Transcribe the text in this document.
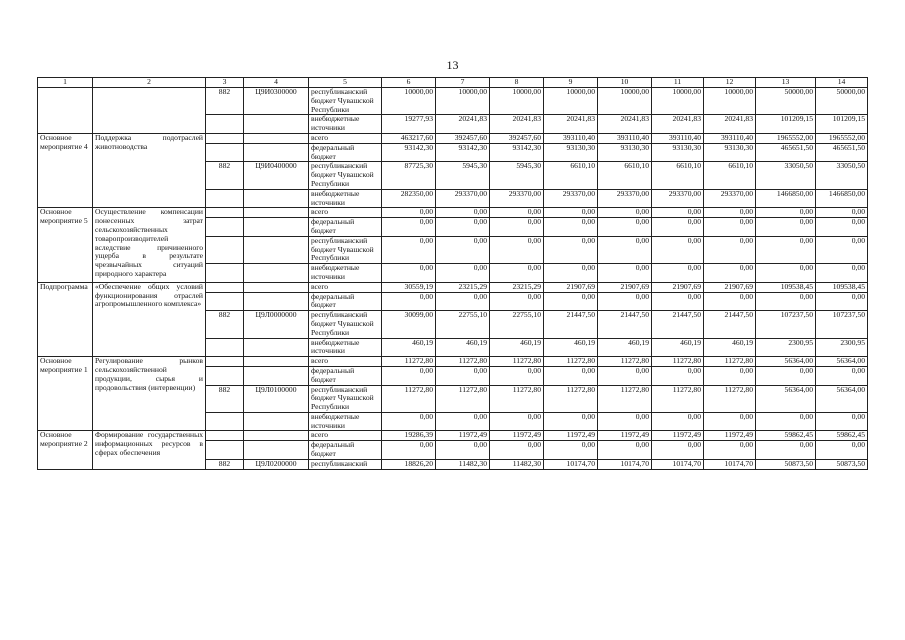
13
1	2	3	4	5	6	7	8	9	10	11	12	13	14
		882	Ц9И0300000	республиканский бюджет Чувашской Республики	10000,00	10000,00	10000,00	10000,00	10000,00	10000,00	10000,00	50000,00	50000,00
				внебюджетные источники	19277,93	20241,83	20241,83	20241,83	20241,83	20241,83	20241,83	101209,15	101209,15
Основное мероприятие 4	Поддержка подотраслей животноводства			всего	463217,60	392457,60	392457,60	393110,40	393110,40	393110,40	393110,40	1965552,00	1965552,00
				федеральный бюджет	93142,30	93142,30	93142,30	93130,30	93130,30	93130,30	93130,30	465651,50	465651,50
		882	Ц9И0400000	республиканский бюджет Чувашской Республики	87725,30	5945,30	5945,30	6610,10	6610,10	6610,10	6610,10	33050,50	33050,50
				внебюджетные источники	282350,00	293370,00	293370,00	293370,00	293370,00	293370,00	293370,00	1466850,00	1466850,00
Основное мероприятие 5	Осуществление компенсации понесенных затрат сельскохозяйственных товаропроизводителей вследствие причиненного ущерба в результате чрезвычайных ситуаций природного характера			всего	0,00	0,00	0,00	0,00	0,00	0,00	0,00	0,00	0,00
				федеральный бюджет	0,00	0,00	0,00	0,00	0,00	0,00	0,00	0,00	0,00
				республиканский бюджет Чувашской Республики	0,00	0,00	0,00	0,00	0,00	0,00	0,00	0,00	0,00
				внебюджетные источники	0,00	0,00	0,00	0,00	0,00	0,00	0,00	0,00	0,00
Подпрограмма	«Обеспечение общих условий функционирования отраслей агропромышленного комплекса»			всего	30559,19	23215,29	23215,29	21907,69	21907,69	21907,69	21907,69	109538,45	109538,45
				федеральный бюджет	0,00	0,00	0,00	0,00	0,00	0,00	0,00	0,00	0,00
		882	Ц9Л0000000	республиканский бюджет Чувашской Республики	30099,00	22755,10	22755,10	21447,50	21447,50	21447,50	21447,50	107237,50	107237,50
				внебюджетные источники	460,19	460,19	460,19	460,19	460,19	460,19	460,19	2300,95	2300,95
Основное мероприятие 1	Регулирование рынков сельскохозяйственной продукции, сырья и продовольствия (интервенции)			всего	11272,80	11272,80	11272,80	11272,80	11272,80	11272,80	11272,80	56364,00	56364,00
				федеральный бюджет	0,00	0,00	0,00	0,00	0,00	0,00	0,00	0,00	0,00
		882	Ц9Л0100000	республиканский бюджет Чувашской Республики	11272,80	11272,80	11272,80	11272,80	11272,80	11272,80	11272,80	56364,00	56364,00
				внебюджетные источники	0,00	0,00	0,00	0,00	0,00	0,00	0,00	0,00	0,00
Основное мероприятие 2	Формирование государственных информационных ресурсов в сферах обеспечения			всего	19286,39	11972,49	11972,49	11972,49	11972,49	11972,49	11972,49	59862,45	59862,45
				федеральный бюджет	0,00	0,00	0,00	0,00	0,00	0,00	0,00	0,00	0,00
		882	Ц9Л0200000	республиканский	18826,20	11482,30	11482,30	10174,70	10174,70	10174,70	10174,70	50873,50	50873,50
